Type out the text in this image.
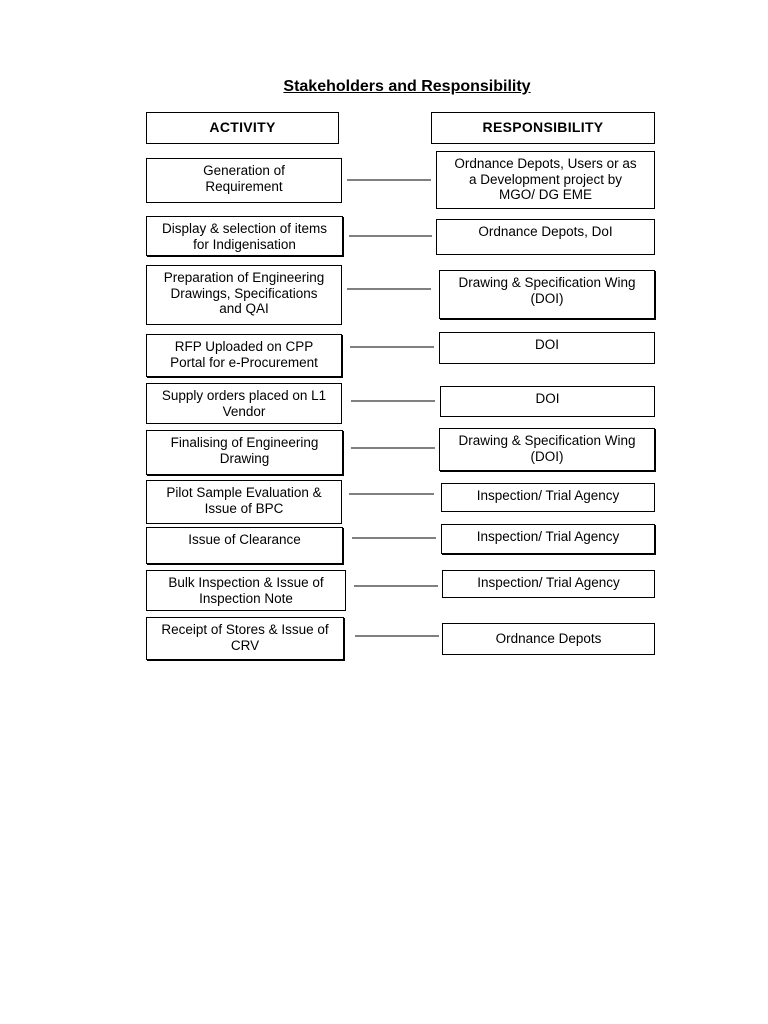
Stakeholders and Responsibility
ACTIVITY	RESPONSIBILITY
Generation of
Requirement
Display & selection of items
for Indigenisation
Preparation of Engineering
Drawings, Specifications
and QAI
RFP Uploaded on CPP
Portal for e-Procurement
Supply orders placed on L1
Vendor
Finalising of Engineering
Drawing
Pilot Sample Evaluation &
Issue of BPC
Issue of Clearance
Bulk Inspection & Issue of
Inspection Note
Receipt of Stores & Issue of
CRV
Ordnance Depots, Users or as
a Development project by
MGO/ DG EME
Ordnance Depots, DoI
Drawing & Specification Wing
(DOI)
DOI
DOI
Drawing & Specification Wing
(DOI)
Inspection/ Trial Agency
Inspection/ Trial Agency
Inspection/ Trial Agency
Ordnance Depots
